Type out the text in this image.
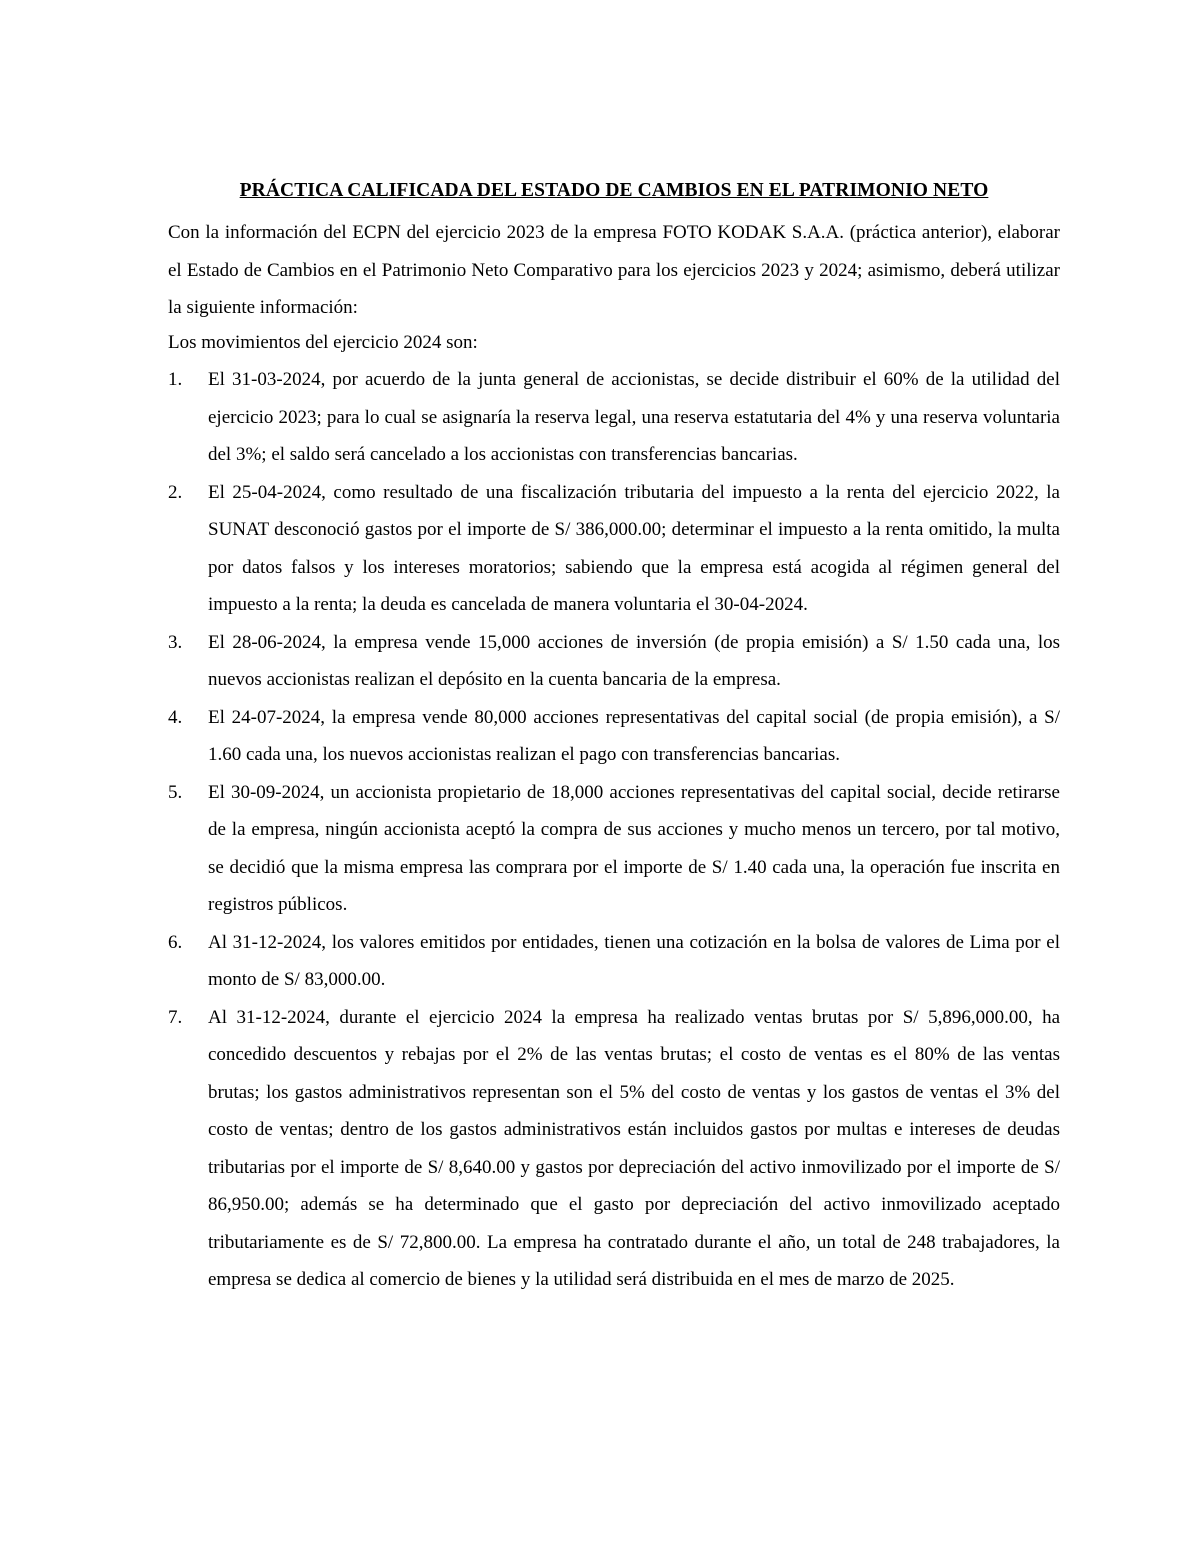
PRÁCTICA CALIFICADA DEL ESTADO DE CAMBIOS EN EL PATRIMONIO NETO

Con la información del ECPN del ejercicio 2023 de la empresa FOTO KODAK S.A.A. (práctica anterior), elaborar el Estado de Cambios en el Patrimonio Neto Comparativo para los ejercicios 2023 y 2024; asimismo, deberá utilizar la siguiente información:

Los movimientos del ejercicio 2024 son:

1. El 31-03-2024, por acuerdo de la junta general de accionistas, se decide distribuir el 60% de la utilidad del ejercicio 2023; para lo cual se asignaría la reserva legal, una reserva estatutaria del 4% y una reserva voluntaria del 3%; el saldo será cancelado a los accionistas con transferencias bancarias.
2. El 25-04-2024, como resultado de una fiscalización tributaria del impuesto a la renta del ejercicio 2022, la SUNAT desconoció gastos por el importe de S/ 386,000.00; determinar el impuesto a la renta omitido, la multa por datos falsos y los intereses moratorios; sabiendo que la empresa está acogida al régimen general del impuesto a la renta; la deuda es cancelada de manera voluntaria el 30-04-2024.
3. El 28-06-2024, la empresa vende 15,000 acciones de inversión (de propia emisión) a S/ 1.50 cada una, los nuevos accionistas realizan el depósito en la cuenta bancaria de la empresa.
4. El 24-07-2024, la empresa vende 80,000 acciones representativas del capital social (de propia emisión), a S/ 1.60 cada una, los nuevos accionistas realizan el pago con transferencias bancarias.
5. El 30-09-2024, un accionista propietario de 18,000 acciones representativas del capital social, decide retirarse de la empresa, ningún accionista aceptó la compra de sus acciones y mucho menos un tercero, por tal motivo, se decidió que la misma empresa las comprara por el importe de S/ 1.40 cada una, la operación fue inscrita en registros públicos.
6. Al 31-12-2024, los valores emitidos por entidades, tienen una cotización en la bolsa de valores de Lima por el monto de S/ 83,000.00.
7. Al 31-12-2024, durante el ejercicio 2024 la empresa ha realizado ventas brutas por S/ 5,896,000.00, ha concedido descuentos y rebajas por el 2% de las ventas brutas; el costo de ventas es el 80% de las ventas brutas; los gastos administrativos representan son el 5% del costo de ventas y los gastos de ventas el 3% del costo de ventas; dentro de los gastos administrativos están incluidos gastos por multas e intereses de deudas tributarias por el importe de S/ 8,640.00 y gastos por depreciación del activo inmovilizado por el importe de S/ 86,950.00; además se ha determinado que el gasto por depreciación del activo inmovilizado aceptado tributariamente es de S/ 72,800.00. La empresa ha contratado durante el año, un total de 248 trabajadores, la empresa se dedica al comercio de bienes y la utilidad será distribuida en el mes de marzo de 2025.
